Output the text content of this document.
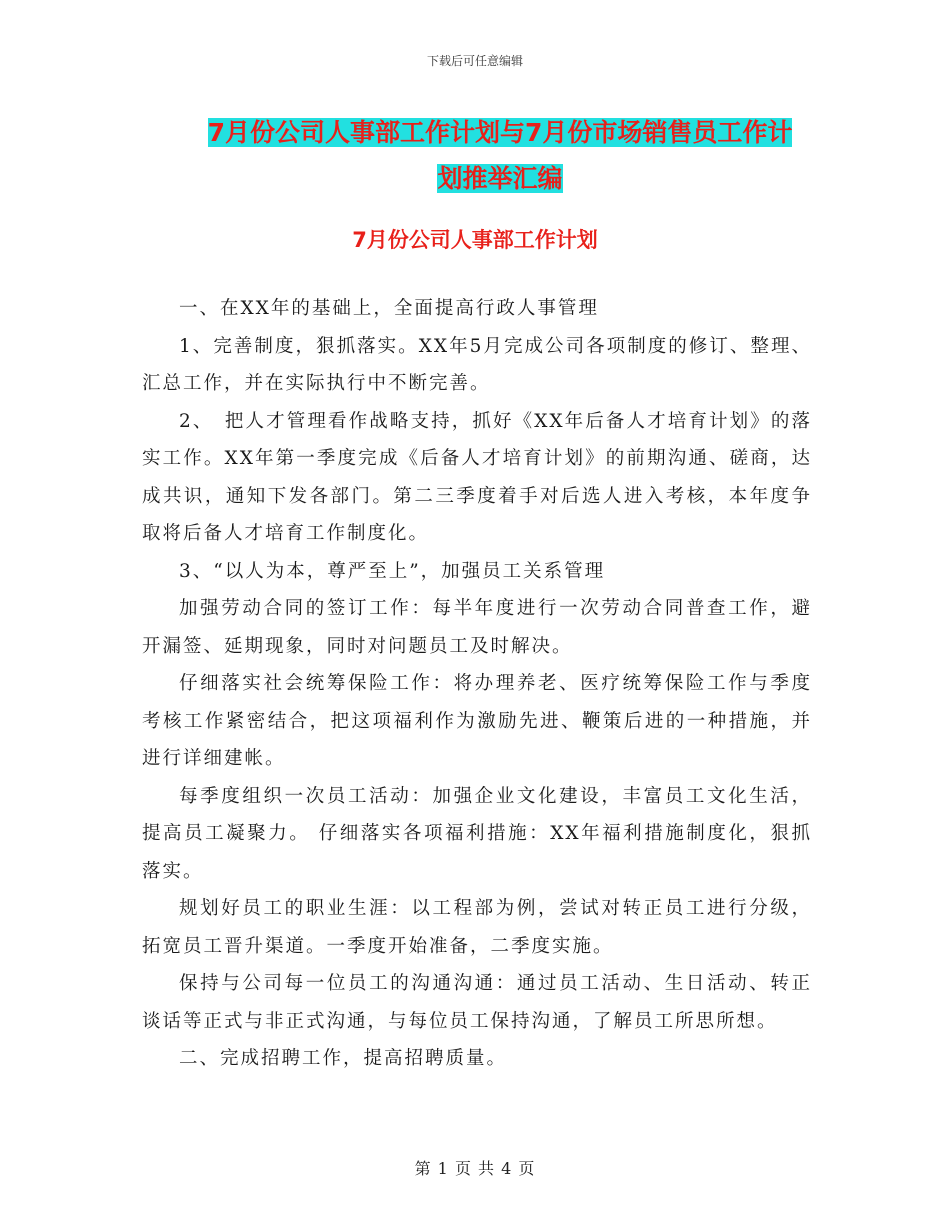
下载后可任意编辑
7月份公司人事部工作计划与7月份市场销售员工作计
划推举汇编
7月份公司人事部工作计划

一、在XX年的基础上，全面提高行政人事管理

1、完善制度，狠抓落实。XX年5月完成公司各项制度的修订、整理、汇总工作，并在实际执行中不断完善。

2、　把人才管理看作战略支持，抓好《XX年后备人才培育计划》的落实工作。XX年第一季度完成《后备人才培育计划》的前期沟通、磋商，达成共识，通知下发各部门。第二三季度着手对后选人进入考核，本年度争取将后备人才培育工作制度化。

3、“以人为本，尊严至上”，加强员工关系管理

加强劳动合同的签订工作：每半年度进行一次劳动合同普查工作，避开漏签、延期现象，同时对问题员工及时解决。

仔细落实社会统筹保险工作：将办理养老、医疗统筹保险工作与季度考核工作紧密结合，把这项福利作为激励先进、鞭策后进的一种措施，并进行详细建帐。

每季度组织一次员工活动：加强企业文化建设，丰富员工文化生活，提高员工凝聚力。 仔细落实各项福利措施：XX年福利措施制度化，狠抓落实。

规划好员工的职业生涯：以工程部为例，尝试对转正员工进行分级，拓宽员工晋升渠道。一季度开始准备，二季度实施。

保持与公司每一位员工的沟通沟通：通过员工活动、生日活动、转正谈话等正式与非正式沟通，与每位员工保持沟通，了解员工所思所想。

二、完成招聘工作，提高招聘质量。

第 1 页 共 4 页
